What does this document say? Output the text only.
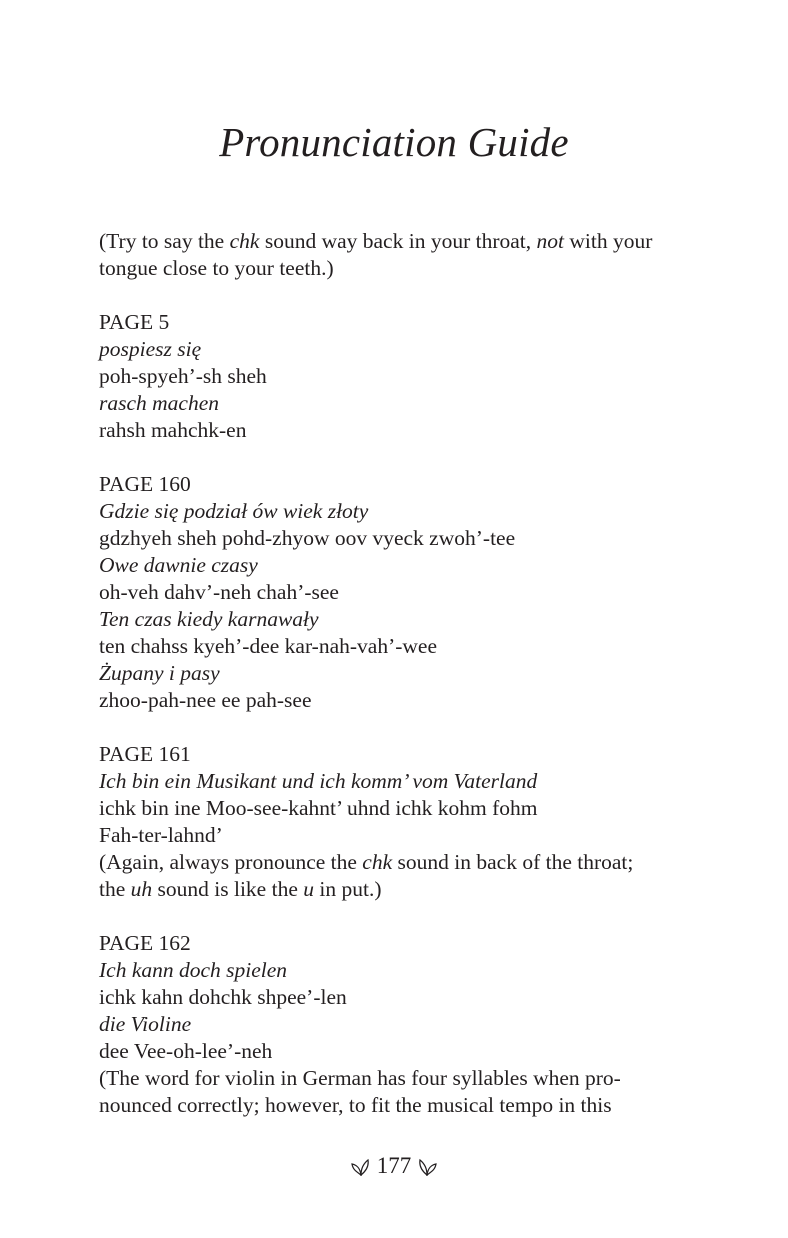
Pronunciation Guide
(Try to say the chk sound way back in your throat, not with your
tongue close to your teeth.)
PAGE 5
pospiesz się
poh-spyeh’-sh sheh
rasch machen
rahsh mahchk-en
PAGE 160
Gdzie się podział ów wiek złoty
gdzhyeh sheh pohd-zhyow oov vyeck zwoh’-tee
Owe dawnie czasy
oh-veh dahv’-neh chah’-see
Ten czas kiedy karnawały
ten chahss kyeh’-dee kar-nah-vah’-wee
Żupany i pasy
zhoo-pah-nee ee pah-see
PAGE 161
Ich bin ein Musikant und ich komm’ vom Vaterland
ichk bin ine Moo-see-kahnt’ uhnd ichk kohm fohm
Fah-ter-lahnd’
(Again, always pronounce the chk sound in back of the throat;
the uh sound is like the u in put.)
PAGE 162
Ich kann doch spielen
ichk kahn dohchk shpee’-len
die Violine
dee Vee-oh-lee’-neh
(The word for violin in German has four syllables when pro-
nounced correctly; however, to fit the musical tempo in this
177
